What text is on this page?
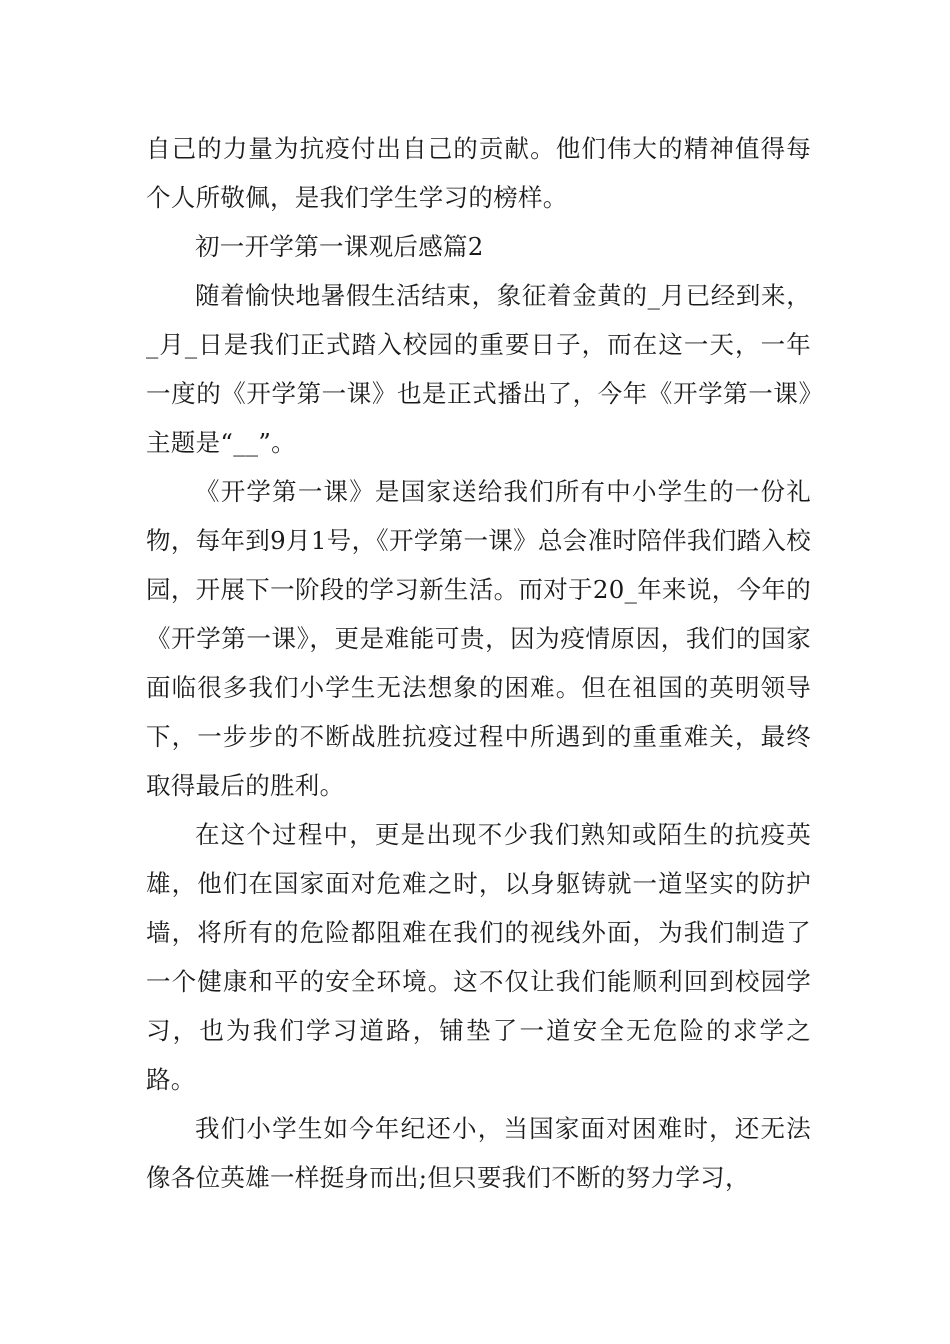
自己的力量为抗疫付出自己的贡献。他们伟大的精神值得每个人所敬佩，是我们学生学习的榜样。

初一开学第一课观后感篇2

随着愉快地暑假生活结束，象征着金黄的_月已经到来，_月_日是我们正式踏入校园的重要日子，而在这一天，一年一度的《开学第一课》也是正式播出了，今年《开学第一课》主题是“__”。

《开学第一课》是国家送给我们所有中小学生的一份礼物，每年到9月1号，《开学第一课》总会准时陪伴我们踏入校园，开展下一阶段的学习新生活。而对于20_年来说，今年的《开学第一课》，更是难能可贵，因为疫情原因，我们的国家面临很多我们小学生无法想象的困难。但在祖国的英明领导下，一步步的不断战胜抗疫过程中所遇到的重重难关，最终取得最后的胜利。

在这个过程中，更是出现不少我们熟知或陌生的抗疫英雄，他们在国家面对危难之时，以身躯铸就一道坚实的防护墙，将所有的危险都阻难在我们的视线外面，为我们制造了一个健康和平的安全环境。这不仅让我们能顺利回到校园学习，也为我们学习道路，铺垫了一道安全无危险的求学之路。

我们小学生如今年纪还小，当国家面对困难时，还无法像各位英雄一样挺身而出;但只要我们不断的努力学习，
